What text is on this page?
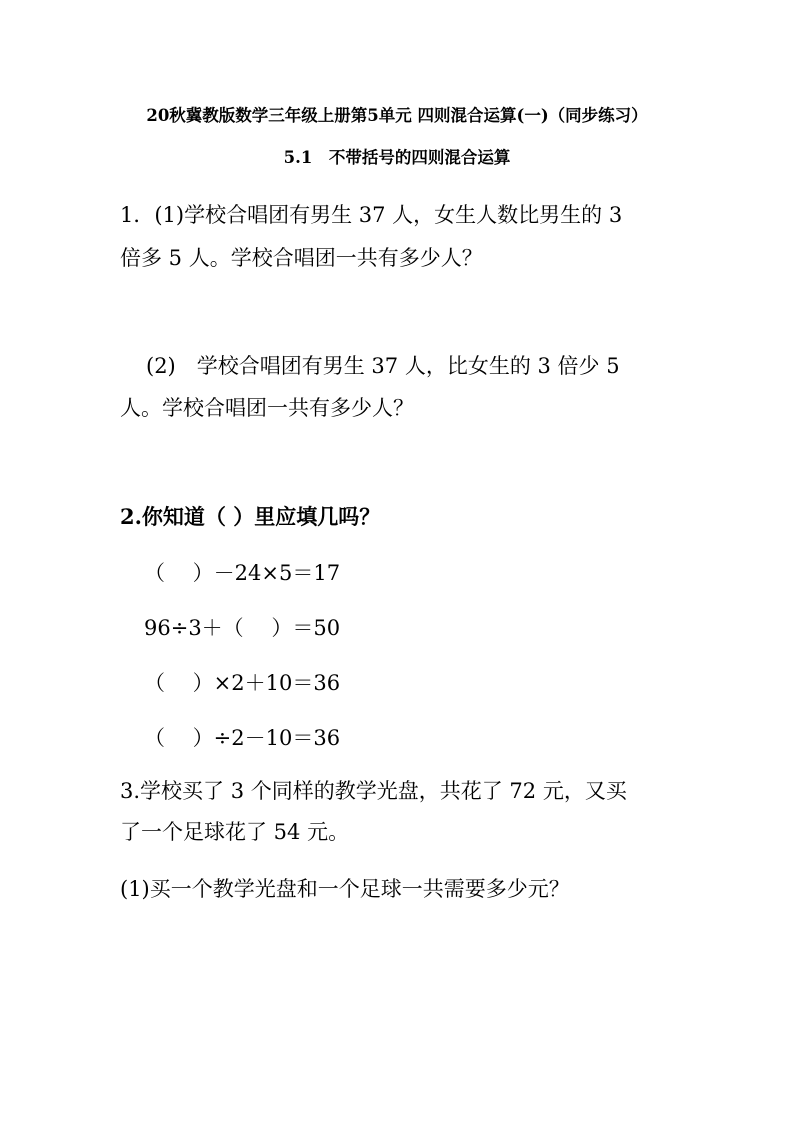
20秋冀教版数学三年级上册第5单元 四则混合运算(一)（同步练习）
5.1　不带括号的四则混合运算
1．(1)学校合唱团有男生 37 人，女生人数比男生的 3
倍多 5 人。学校合唱团一共有多少人？
(2)　学校合唱团有男生 37 人，比女生的 3 倍少 5
人。学校合唱团一共有多少人？
2.你知道（ ）里应填几吗？
（　 ）－24×5＝17
96÷3＋（　 ）＝50
（　 ）×2＋10＝36
（　 ）÷2－10＝36
3.学校买了 3 个同样的教学光盘，共花了 72 元，又买
了一个足球花了 54 元。
(1)买一个教学光盘和一个足球一共需要多少元？
